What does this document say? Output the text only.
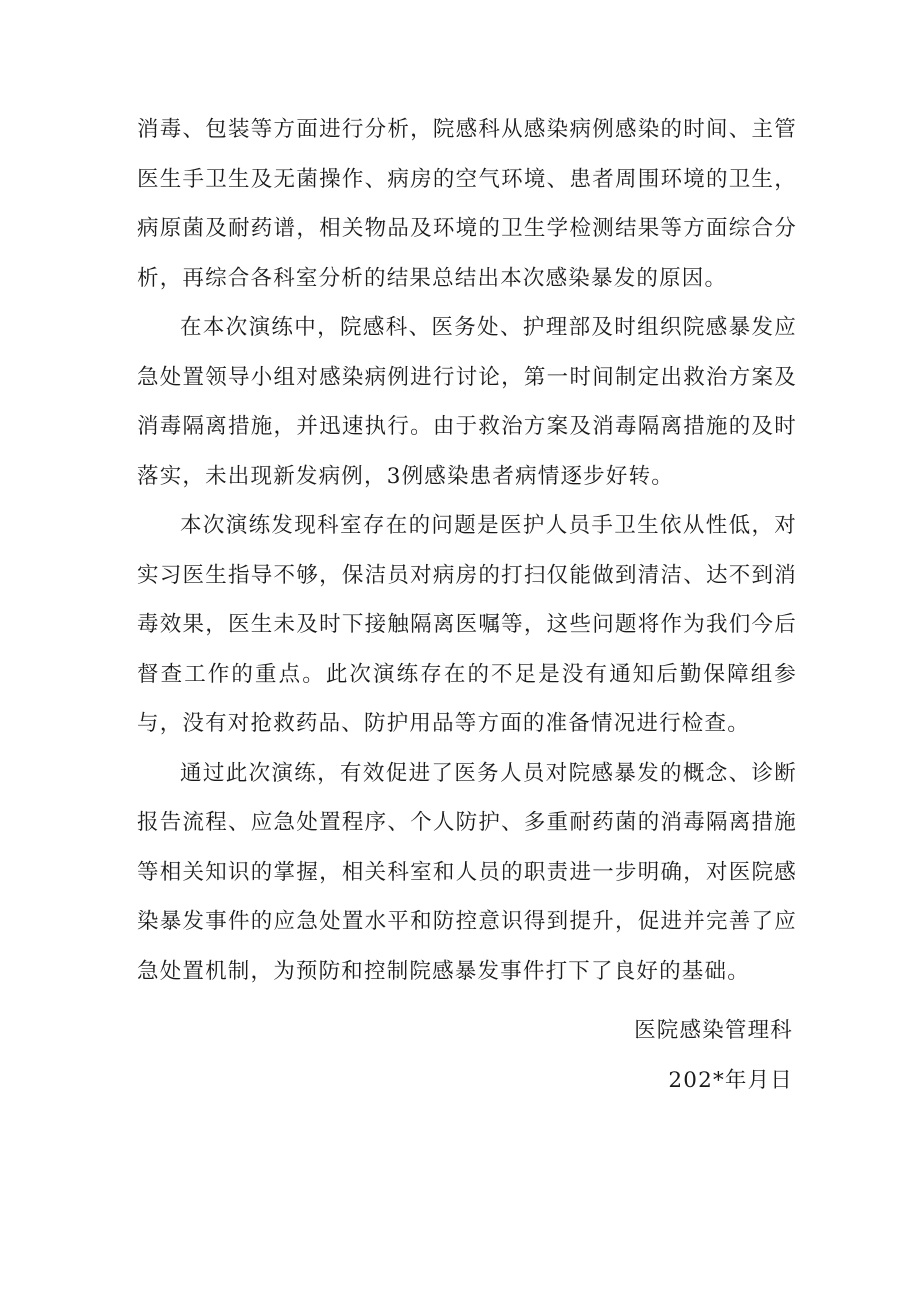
消毒、包装等方面进行分析，院感科从感染病例感染的时间、主管医生手卫生及无菌操作、病房的空气环境、患者周围环境的卫生，病原菌及耐药谱，相关物品及环境的卫生学检测结果等方面综合分析，再综合各科室分析的结果总结出本次感染暴发的原因。

在本次演练中，院感科、医务处、护理部及时组织院感暴发应急处置领导小组对感染病例进行讨论，第一时间制定出救治方案及消毒隔离措施，并迅速执行。由于救治方案及消毒隔离措施的及时落实，未出现新发病例，3例感染患者病情逐步好转。

本次演练发现科室存在的问题是医护人员手卫生依从性低，对实习医生指导不够，保洁员对病房的打扫仅能做到清洁、达不到消毒效果，医生未及时下接触隔离医嘱等，这些问题将作为我们今后督查工作的重点。此次演练存在的不足是没有通知后勤保障组参与，没有对抢救药品、防护用品等方面的准备情况进行检查。

通过此次演练，有效促进了医务人员对院感暴发的概念、诊断报告流程、应急处置程序、个人防护、多重耐药菌的消毒隔离措施等相关知识的掌握，相关科室和人员的职责进一步明确，对医院感染暴发事件的应急处置水平和防控意识得到提升，促进并完善了应急处置机制，为预防和控制院感暴发事件打下了良好的基础。

医院感染管理科

202*年月日
